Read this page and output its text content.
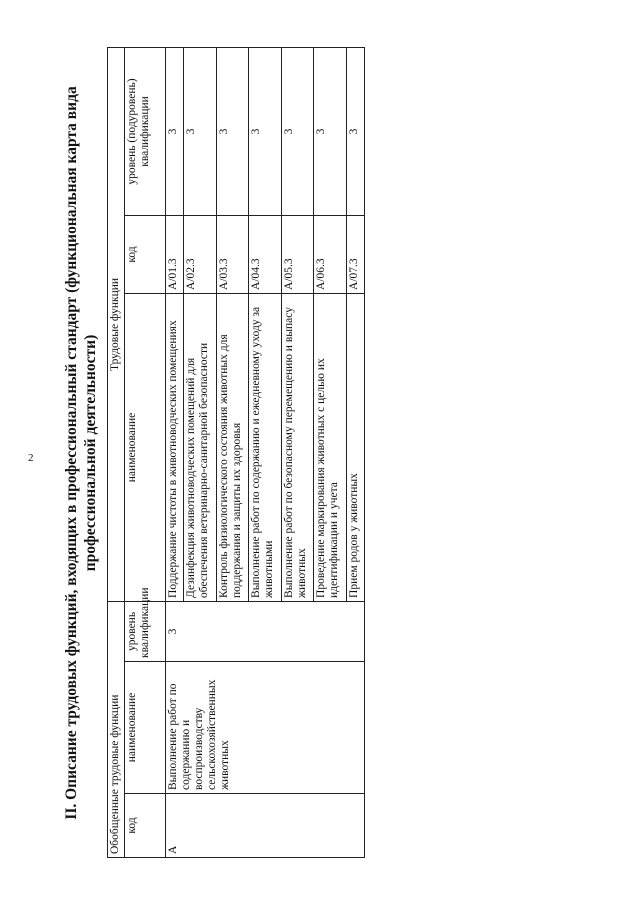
2 II. Описание трудовых функций, входящих в профессиональный стандарт (функциональная карта вида профессиональной деятельности)
Обобщенные трудовые функции			Трудовые функции		
код	наименование	уровень квалификации	наименование	код	уровень (подуровень) квалификации
A	Выполнение работ по содержанию и воспроизводству сельскохозяйственных животных	3	Поддержание чистоты в животноводческих помещениях	A/01.3	3
			Дезинфекция животноводческих помещений для обеспечения ветеринарно-санитарной безопасности	A/02.3	3
			Контроль физиологического состояния животных для поддержания и защиты их здоровья	A/03.3	3
			Выполнение работ по содержанию и ежедневному уходу за животными	A/04.3	3
			Выполнение работ по безопасному перемещению и выпасу животных	A/05.3	3
			Проведение маркирования животных с целью их идентификации и учета	A/06.3	3
			Прием родов у животных	A/07.3	3
